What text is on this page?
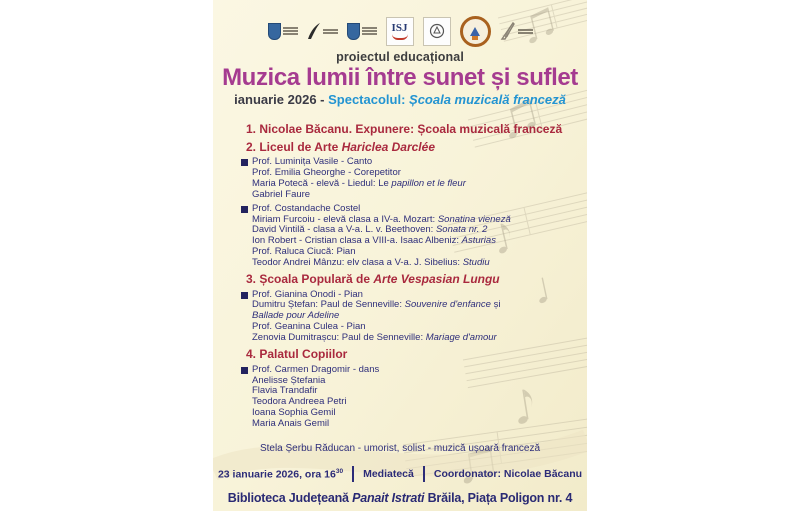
ISJ
proiectul educațional
Muzica lumii între sunet și suflet
ianuarie 2026 - Spectacolul: Școala muzicală franceză
1. Nicolae Băcanu. Expunere: Școala muzicală franceză
2. Liceul de Arte Hariclea Darclée
Prof. Luminița Vasile - Canto
Prof. Emilia Gheorghe - Corepetitor
Maria Potecă - elevă - Liedul: Le papillon et le fleur
Gabriel Faure
Prof. Costandache Costel
Miriam Furcoiu - elevă clasa a IV-a. Mozart: Sonatina vieneză
David Vintilă - clasa a V-a. L. v. Beethoven: Sonata nr. 2
Ion Robert - Cristian clasa a VIII-a. Isaac Albeniz: Asturias
Prof. Raluca Ciucă: Pian
Teodor Andrei Mânzu: elv clasa a V-a. J. Sibelius: Studiu
3. Școala Populară de Arte Vespasian Lungu
Prof. Gianina Onodi - Pian
Dumitru Ștefan: Paul de Senneville: Souvenire d'enfance și
Ballade pour Adeline
Prof. Geanina Culea - Pian
Zenovia Dumitrașcu: Paul de Senneville: Mariage d'amour
4. Palatul Copiilor
Prof. Carmen Dragomir - dans
Anelisse Ștefania
Flavia Trandafir
Teodora Andreea Petri
Ioana Sophia Gemil
Maria Anais Gemil
Stela Șerbu Răducan - umorist, solist - muzică ușoară franceză
23 ianuarie 2026, ora $16^{30}$ Mediatecă Coordonator: Nicolae Băcanu
Biblioteca Județeană Panait Istrati Brăila, Piața Poligon nr. 4
